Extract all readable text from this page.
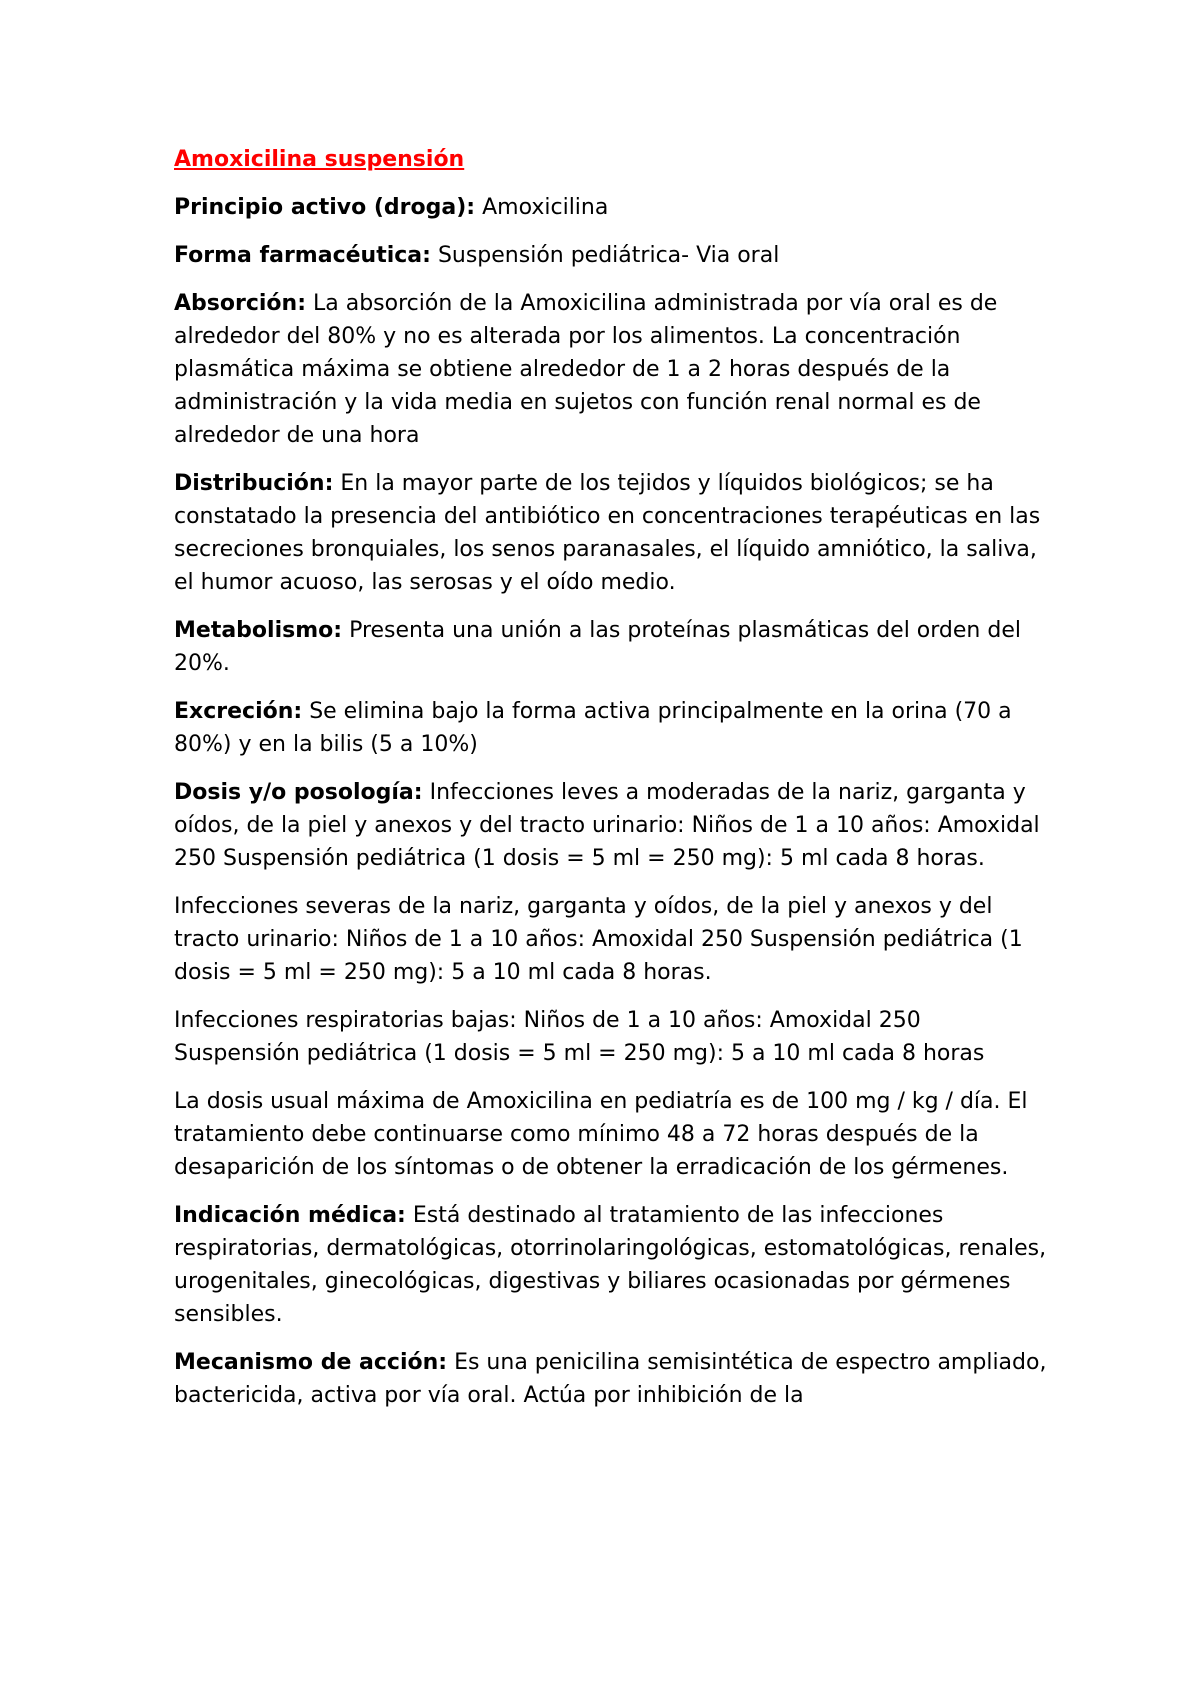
Amoxicilina suspensión

Principio activo (droga): Amoxicilina

Forma farmacéutica: Suspensión pediátrica- Via oral

Absorción: La absorción de la Amoxicilina administrada por vía oral es de alrededor del 80% y no es alterada por los alimentos. La concentración plasmática máxima se obtiene alrededor de 1 a 2 horas después de la administración y la vida media en sujetos con función renal normal es de alrededor de una hora

Distribución: En la mayor parte de los tejidos y líquidos biológicos; se ha constatado la presencia del antibiótico en concentraciones terapéuticas en las secreciones bronquiales, los senos paranasales, el líquido amniótico, la saliva, el humor acuoso, las serosas y el oído medio.

Metabolismo: Presenta una unión a las proteínas plasmáticas del orden del 20%.

Excreción: Se elimina bajo la forma activa principalmente en la orina (70 a 80%) y en la bilis (5 a 10%)

Dosis y/o posología: Infecciones leves a moderadas de la nariz, garganta y oídos, de la piel y anexos y del tracto urinario: Niños de 1 a 10 años: Amoxidal 250 Suspensión pediátrica (1 dosis = 5 ml = 250 mg): 5 ml cada 8 horas.

Infecciones severas de la nariz, garganta y oídos, de la piel y anexos y del tracto urinario: Niños de 1 a 10 años: Amoxidal 250 Suspensión pediátrica (1 dosis = 5 ml = 250 mg): 5 a 10 ml cada 8 horas.

Infecciones respiratorias bajas: Niños de 1 a 10 años: Amoxidal 250 Suspensión pediátrica (1 dosis = 5 ml = 250 mg): 5 a 10 ml cada 8 horas

La dosis usual máxima de Amoxicilina en pediatría es de 100 mg / kg / día. El tratamiento debe continuarse como mínimo 48 a 72 horas después de la desaparición de los síntomas o de obtener la erradicación de los gérmenes.

Indicación médica: Está destinado al tratamiento de las infecciones respiratorias, dermatológicas, otorrinolaringológicas, estomatológicas, renales, urogenitales, ginecológicas, digestivas y biliares ocasionadas por gérmenes sensibles.

Mecanismo de acción: Es una penicilina semisintética de espectro ampliado, bactericida, activa por vía oral. Actúa por inhibición de la
